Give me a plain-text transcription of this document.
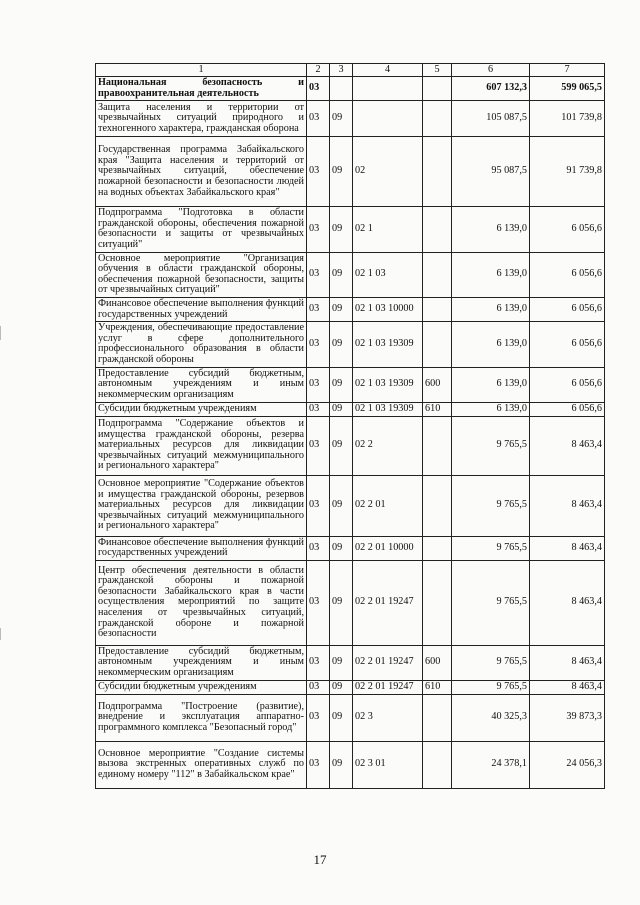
1	2	3	4	5	6	7
Национальная безопасность и правоохранительная деятельность	03				607 132,3	599 065,5
Защита населения и территории от чрезвычайных ситуаций природного и техногенного характера, гражданская оборона	03	09			105 087,5	101 739,8
Государственная программа Забайкальского края "Защита населения и территорий от чрезвычайных ситуаций, обеспечение пожарной безопасности и безопасности людей на водных объектах Забайкальского края"	03	09	02		95 087,5	91 739,8
Подпрограмма "Подготовка в области гражданской обороны, обеспечения пожарной безопасности и защиты от чрезвычайных ситуаций"	03	09	02 1		6 139,0	6 056,6
Основное мероприятие "Организация обучения в области гражданской обороны, обеспечения пожарной безопасности, защиты от чрезвычайных ситуаций"	03	09	02 1 03		6 139,0	6 056,6
Финансовое обеспечение выполнения функций государственных учреждений	03	09	02 1 03 10000		6 139,0	6 056,6
Учреждения, обеспечивающие предоставление услуг в сфере дополнительного профессионального образования в области гражданской обороны	03	09	02 1 03 19309		6 139,0	6 056,6
Предоставление субсидий бюджетным, автономным учреждениям и иным некоммерческим организациям	03	09	02 1 03 19309	600	6 139,0	6 056,6
Субсидии бюджетным учреждениям	03	09	02 1 03 19309	610	6 139,0	6 056,6
Подпрограмма "Содержание объектов и имущества гражданской обороны, резерва материальных ресурсов для ликвидации чрезвычайных ситуаций межмуниципального и регионального характера"	03	09	02 2		9 765,5	8 463,4
Основное мероприятие "Содержание объектов и имущества гражданской обороны, резервов материальных ресурсов для ликвидации чрезвычайных ситуаций межмуниципального и регионального характера"	03	09	02 2 01		9 765,5	8 463,4
Финансовое обеспечение выполнения функций государственных учреждений	03	09	02 2 01 10000		9 765,5	8 463,4
Центр обеспечения деятельности в области гражданской обороны и пожарной безопасности Забайкальского края в части осуществления мероприятий по защите населения от чрезвычайных ситуаций, гражданской обороне и пожарной безопасности	03	09	02 2 01 19247		9 765,5	8 463,4
Предоставление субсидий бюджетным, автономным учреждениям и иным некоммерческим организациям	03	09	02 2 01 19247	600	9 765,5	8 463,4
Субсидии бюджетным учреждениям	03	09	02 2 01 19247	610	9 765,5	8 463,4
Подпрограмма "Построение (развитие), внедрение и эксплуатация аппаратно-программного комплекса "Безопасный город"	03	09	02 3		40 325,3	39 873,3
Основное мероприятие "Создание системы вызова экстренных оперативных служб по единому номеру "112" в Забайкальском крае"	03	09	02 3 01		24 378,1	24 056,3
17
